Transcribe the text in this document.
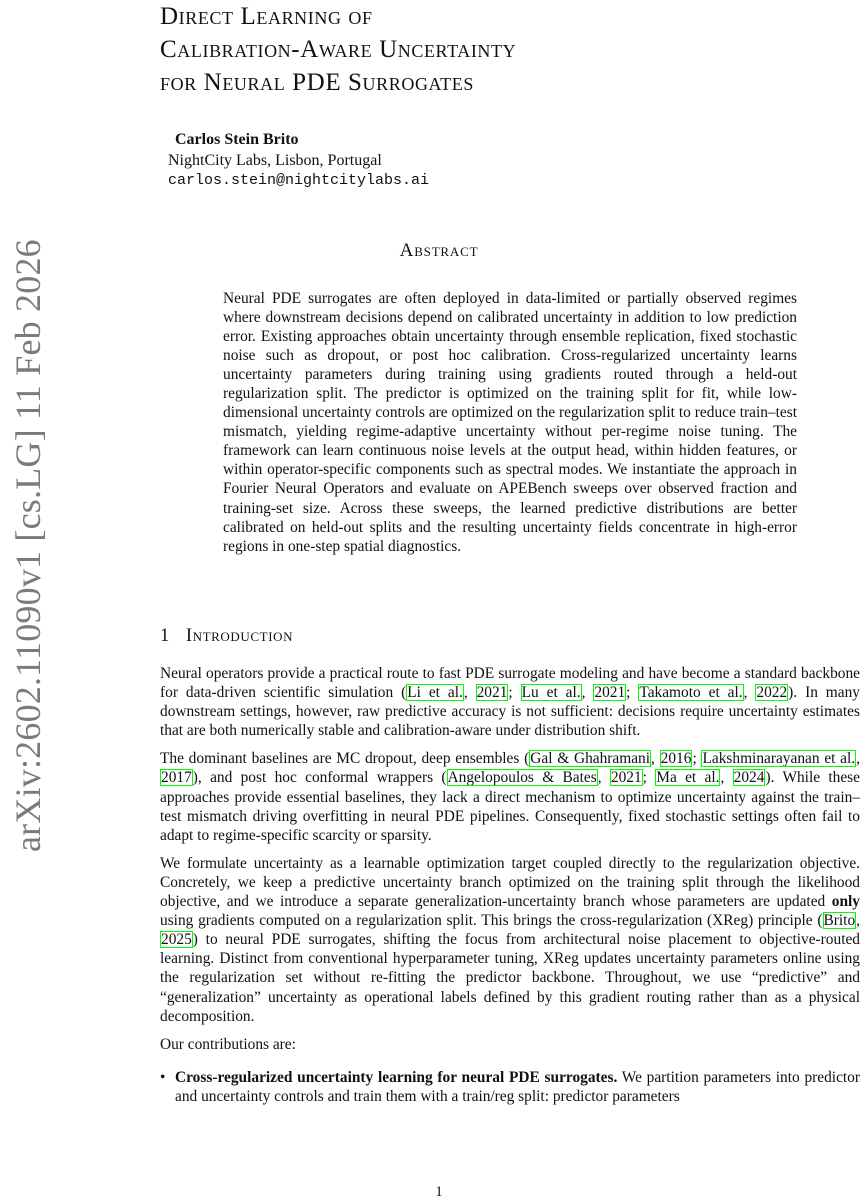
arXiv:2602.11090v1 [cs.LG] 11 Feb 2026
Direct Learning of
Calibration-Aware Uncertainty
for Neural PDE Surrogates
Carlos Stein Brito
NightCity Labs, Lisbon, Portugal
carlos.stein@nightcitylabs.ai
Abstract
Neural PDE surrogates are often deployed in data-limited or partially observed regimes where downstream decisions depend on calibrated uncertainty in addition to low prediction error. Existing approaches obtain uncertainty through ensemble replication, fixed stochastic noise such as dropout, or post hoc calibration. Cross-regularized uncertainty learns uncertainty parameters during training using gradients routed through a held-out regularization split. The predictor is optimized on the training split for fit, while low-dimensional uncertainty controls are optimized on the regularization split to reduce train–test mismatch, yielding regime-adaptive uncertainty without per-regime noise tuning. The framework can learn continuous noise levels at the output head, within hidden features, or within operator-specific components such as spectral modes. We instantiate the approach in Fourier Neural Operators and evaluate on APEBench sweeps over observed fraction and training-set size. Across these sweeps, the learned predictive distributions are better calibrated on held-out splits and the resulting uncertainty fields concentrate in high-error regions in one-step spatial diagnostics.
1 Introduction

Neural operators provide a practical route to fast PDE surrogate modeling and have become a standard backbone for data-driven scientific simulation (Li et al., 2021; Lu et al., 2021; Takamoto et al., 2022). In many downstream settings, however, raw predictive accuracy is not sufficient: decisions require uncertainty estimates that are both numerically stable and calibration-aware under distribution shift.

The dominant baselines are MC dropout, deep ensembles (Gal & Ghahramani, 2016; Lakshminarayanan et al., 2017), and post hoc conformal wrappers (Angelopoulos & Bates, 2021; Ma et al., 2024). While these approaches provide essential baselines, they lack a direct mechanism to optimize uncertainty against the train–test mismatch driving overfitting in neural PDE pipelines. Consequently, fixed stochastic settings often fail to adapt to regime-specific scarcity or sparsity.

We formulate uncertainty as a learnable optimization target coupled directly to the regularization objective. Concretely, we keep a predictive uncertainty branch optimized on the training split through the likelihood objective, and we introduce a separate generalization-uncertainty branch whose parameters are updated only using gradients computed on a regularization split. This brings the cross-regularization (XReg) principle (Brito, 2025) to neural PDE surrogates, shifting the focus from architectural noise placement to objective-routed learning. Distinct from conventional hyperparameter tuning, XReg updates uncertainty parameters online using the regularization set without re-fitting the predictor backbone. Throughout, we use “predictive” and “generalization” uncertainty as operational labels defined by this gradient routing rather than as a physical decomposition.

Our contributions are:

• Cross-regularized uncertainty learning for neural PDE surrogates. We partition parameters into predictor and uncertainty controls and train them with a train/reg split: predictor parameters
1
